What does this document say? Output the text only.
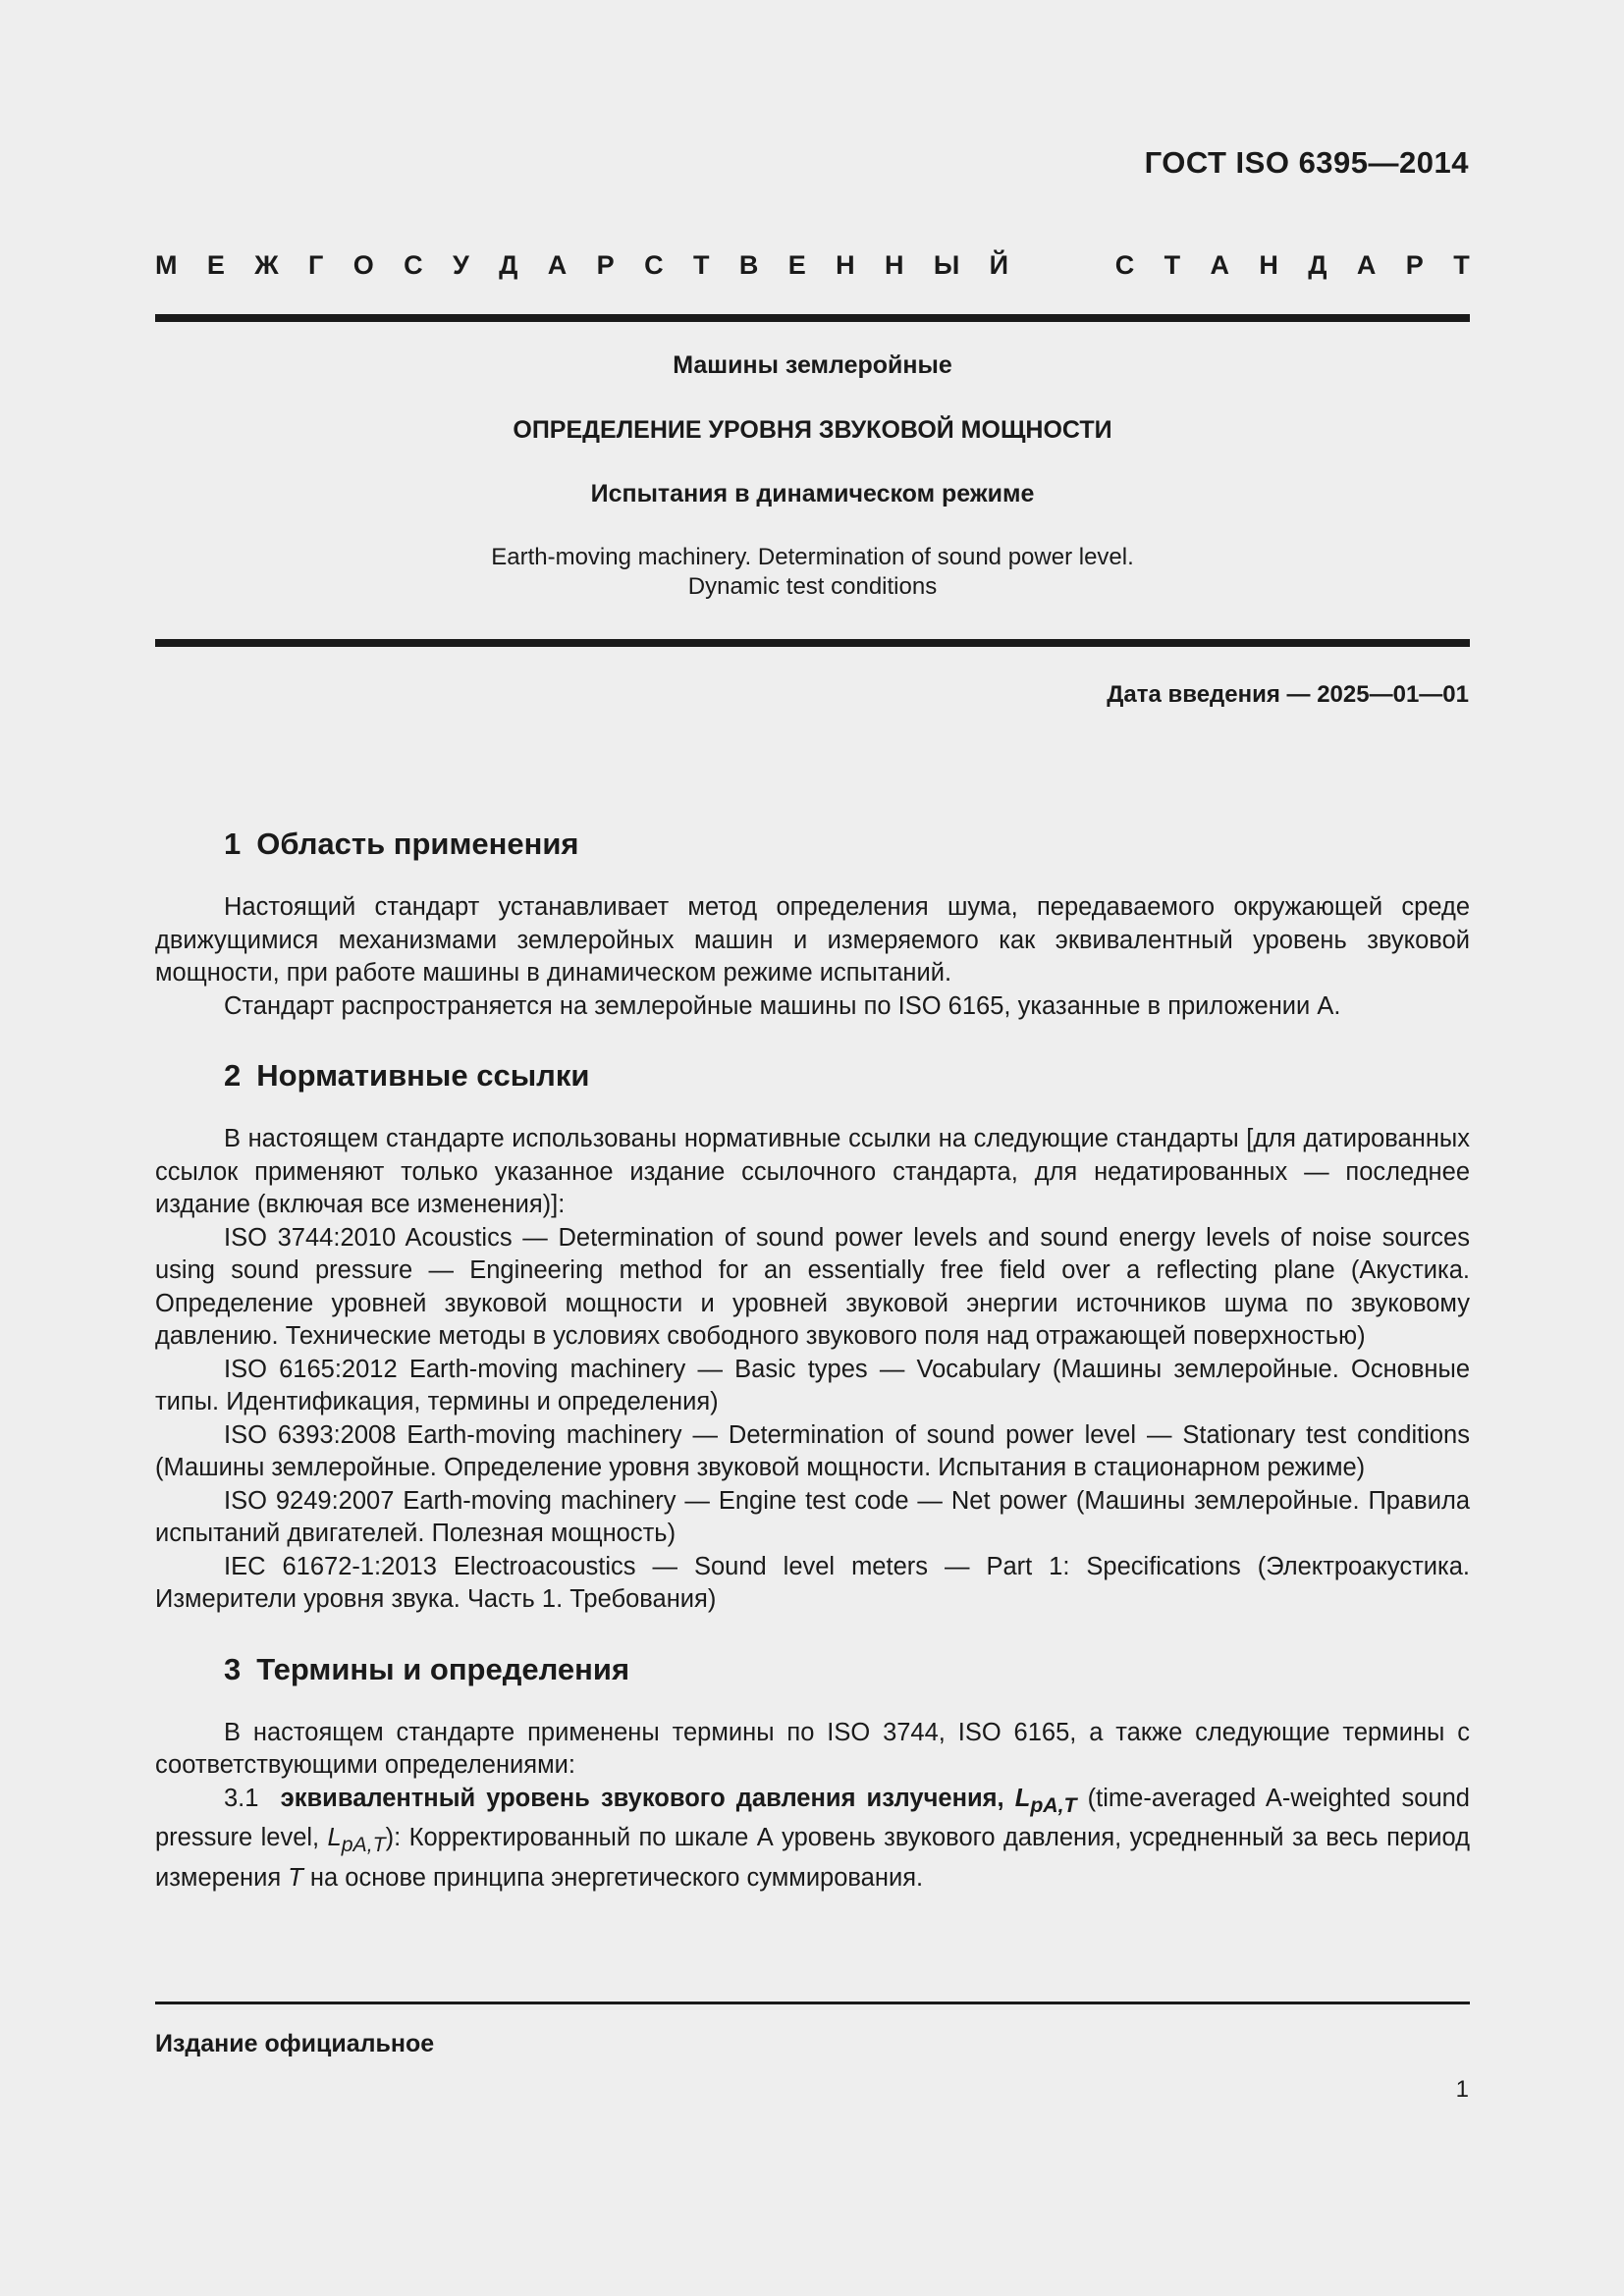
ГОСТ ISO 6395—2014
М Е Ж Г О С У Д А Р С Т В Е Н Н Ы Й	С Т А Н Д А Р Т
Машины землеройные
ОПРЕДЕЛЕНИЕ УРОВНЯ ЗВУКОВОЙ МОЩНОСТИ
Испытания в динамическом режиме
Earth-moving machinery. Determination of sound power level.
Dynamic test conditions
Дата введения — 2025—01—01
1 Область применения

Настоящий стандарт устанавливает метод определения шума, передаваемого окружающей среде движущимися механизмами землеройных машин и измеряемого как эквивалентный уровень звуковой мощности, при работе машины в динамическом режиме испытаний.

Стандарт распространяется на землеройные машины по ISO 6165, указанные в приложении А.

2 Нормативные ссылки

В настоящем стандарте использованы нормативные ссылки на следующие стандарты [для датированных ссылок применяют только указанное издание ссылочного стандарта, для недатированных — последнее издание (включая все изменения)]:

ISO 3744:2010 Acoustics — Determination of sound power levels and sound energy levels of noise sources using sound pressure — Engineering method for an essentially free field over a reflecting plane (Акустика. Определение уровней звуковой мощности и уровней звуковой энергии источников шума по звуковому давлению. Технические методы в условиях свободного звукового поля над отражающей поверхностью)

ISO 6165:2012 Earth-moving machinery — Basic types — Vocabulary (Машины землеройные. Основные типы. Идентификация, термины и определения)

ISO 6393:2008 Earth-moving machinery — Determination of sound power level — Stationary test conditions (Машины землеройные. Определение уровня звуковой мощности. Испытания в стационарном режиме)

ISO 9249:2007 Earth-moving machinery — Engine test code — Net power (Машины землеройные. Правила испытаний двигателей. Полезная мощность)

IEC 61672-1:2013 Electroacoustics — Sound level meters — Part 1: Specifications (Электроакустика. Измерители уровня звука. Часть 1. Требования)

3 Термины и определения

В настоящем стандарте применены термины по ISO 3744, ISO 6165, а также следующие термины с соответствующими определениями:

3.1 эквивалентный уровень звукового давления излучения, $L_{pA,T}$ (time-averaged A-weighted sound pressure level, $L_{pA,T}$): Корректированный по шкале А уровень звукового давления, усредненный за весь период измерения T на основе принципа энергетического суммирования.

Издание официальное
1
